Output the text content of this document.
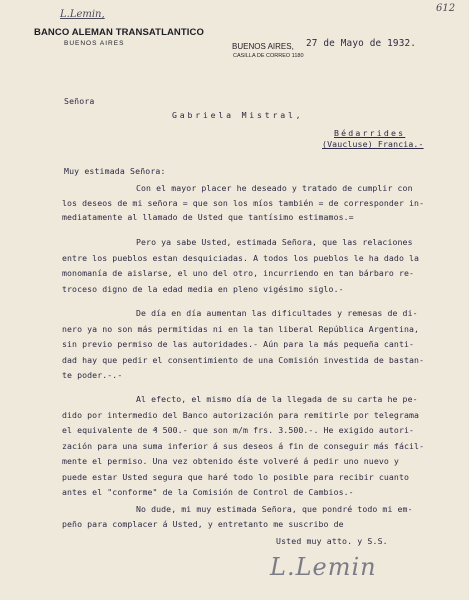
612
L.Lemin,
BANCO ALEMAN TRANSATLANTICO
BUENOS AIRES	BUENOS AIRES, 27 de Mayo de 1932.
CASILLA DE CORREO 1180
Señora
Gabriela Mistral,
Bédarrides
(Vaucluse) Francia.-
Muy estimada Señora:
Con el mayor placer he deseado y tratado de cumplir con
los deseos de mi señora = que son los míos también = de corresponder in-
mediatamente al llamado de Usted que tantísimo estimamos.=
Pero ya sabe Usted, estimada Señora, que las relaciones
entre los pueblos estan desquiciadas. A todos los pueblos le ha dado la
monomanía de aislarse, el uno del otro, incurriendo en tan bárbaro re-
troceso digno de la edad media en pleno vigésimo siglo.-
De día en día aumentan las dificultades y remesas de di-
nero ya no son más permitidas ni en la tan liberal República Argentina,
sin previo permiso de las autoridades.- Aún para la más pequeña canti-
dad hay que pedir el consentimiento de una Comisión investida de bastan-
te poder.-.-
Al efecto, el mismo día de la llegada de su carta he pe-
dido por intermedio del Banco autorización para remitirle por telegrama
el equivalente de ₰ 500.- que son m/m frs. 3.500.-. He exigido autori-
zación para una suma inferior á sus deseos á fin de conseguir más fácil-
mente el permiso. Una vez obtenido éste volveré á pedir uno nuevo y
puede estar Usted segura que haré todo lo posible para recibir cuanto
antes el "conforme" de la Comisión de Control de Cambios.-
No dude, mi muy estimada Señora, que pondré todo mi em-
peño para complacer á Usted, y entretanto me suscribo de
Usted muy atto. y S.S.
L.Lemin
